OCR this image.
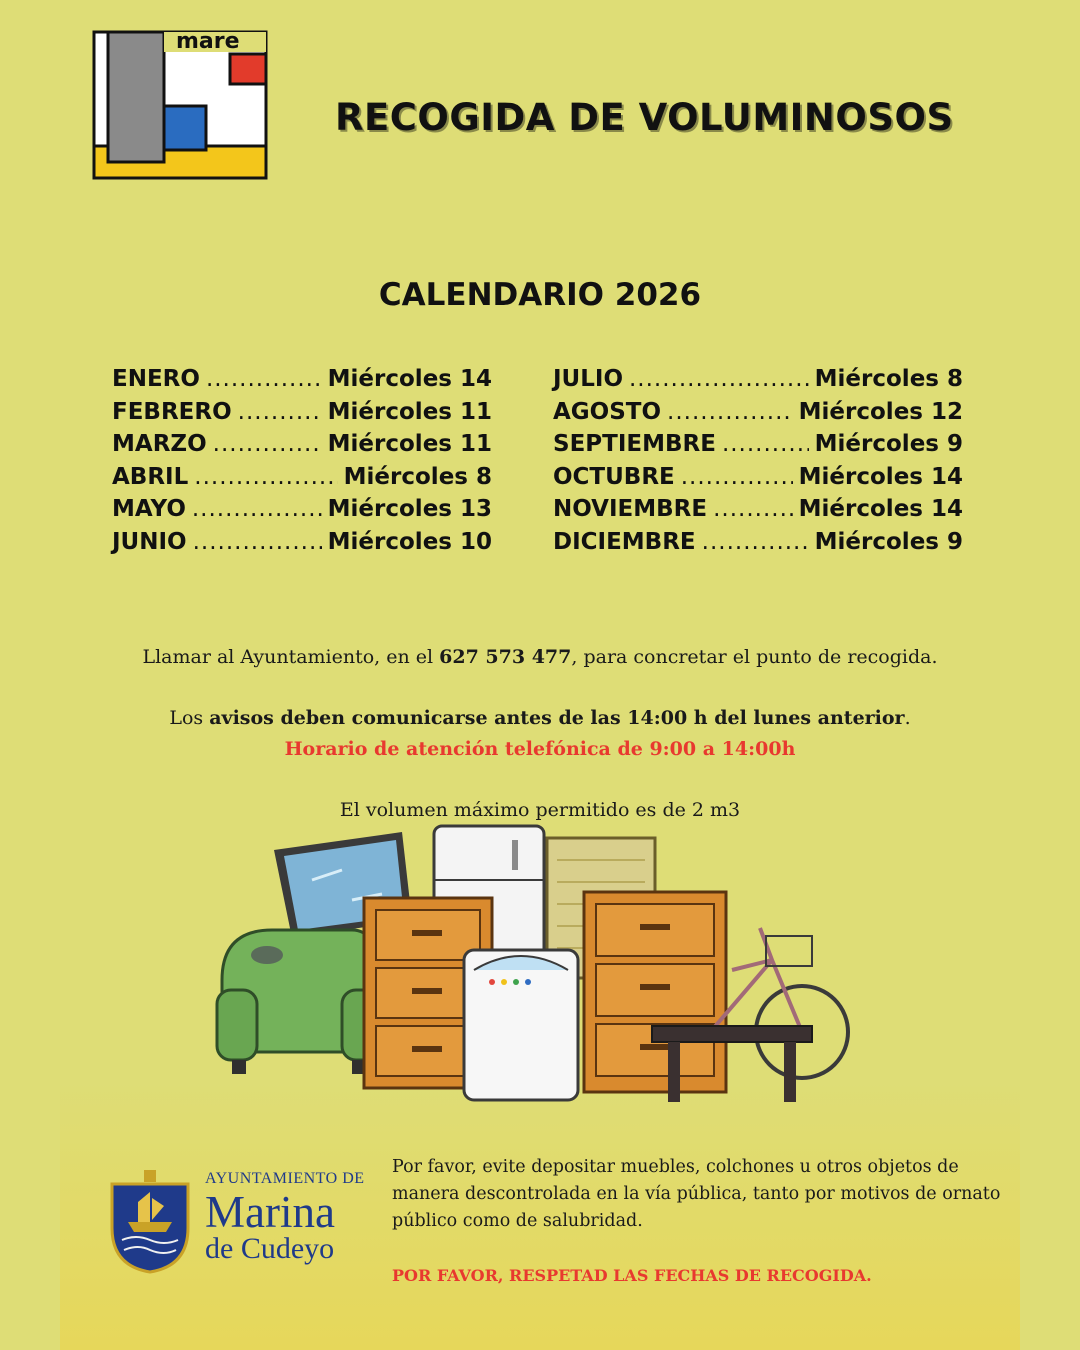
mare
RECOGIDA DE VOLUMINOSOS
CALENDARIO 2026
ENERO .....	Miércoles 14
FEBRERO .....	Miércoles 11
MARZO .....	Miércoles 11
ABRIL .....	Miércoles 8
MAYO .....	Miércoles 13
JUNIO .....	Miércoles 10
JULIO .....	Miércoles 8
AGOSTO .....	Miércoles 12
SEPTIEMBRE .....	Miércoles 9
OCTUBRE .....	Miércoles 14
NOVIEMBRE .....	Miércoles 14
DICIEMBRE .....	Miércoles 9
Llamar al Ayuntamiento, en el 627 573 477, para concretar el punto de recogida.
Los avisos deben comunicarse antes de las 14:00 h del lunes anterior.
Horario de atención telefónica de 9:00 a 14:00h
El volumen máximo permitido es de 2 m3
AYUNTAMIENTO DE
Marina
de Cudeyo
Por favor, evite depositar muebles, colchones u otros objetos de manera descontrolada en la vía pública, tanto por motivos de ornato público como de salubridad.
POR FAVOR, RESPETAD LAS FECHAS DE RECOGIDA.
